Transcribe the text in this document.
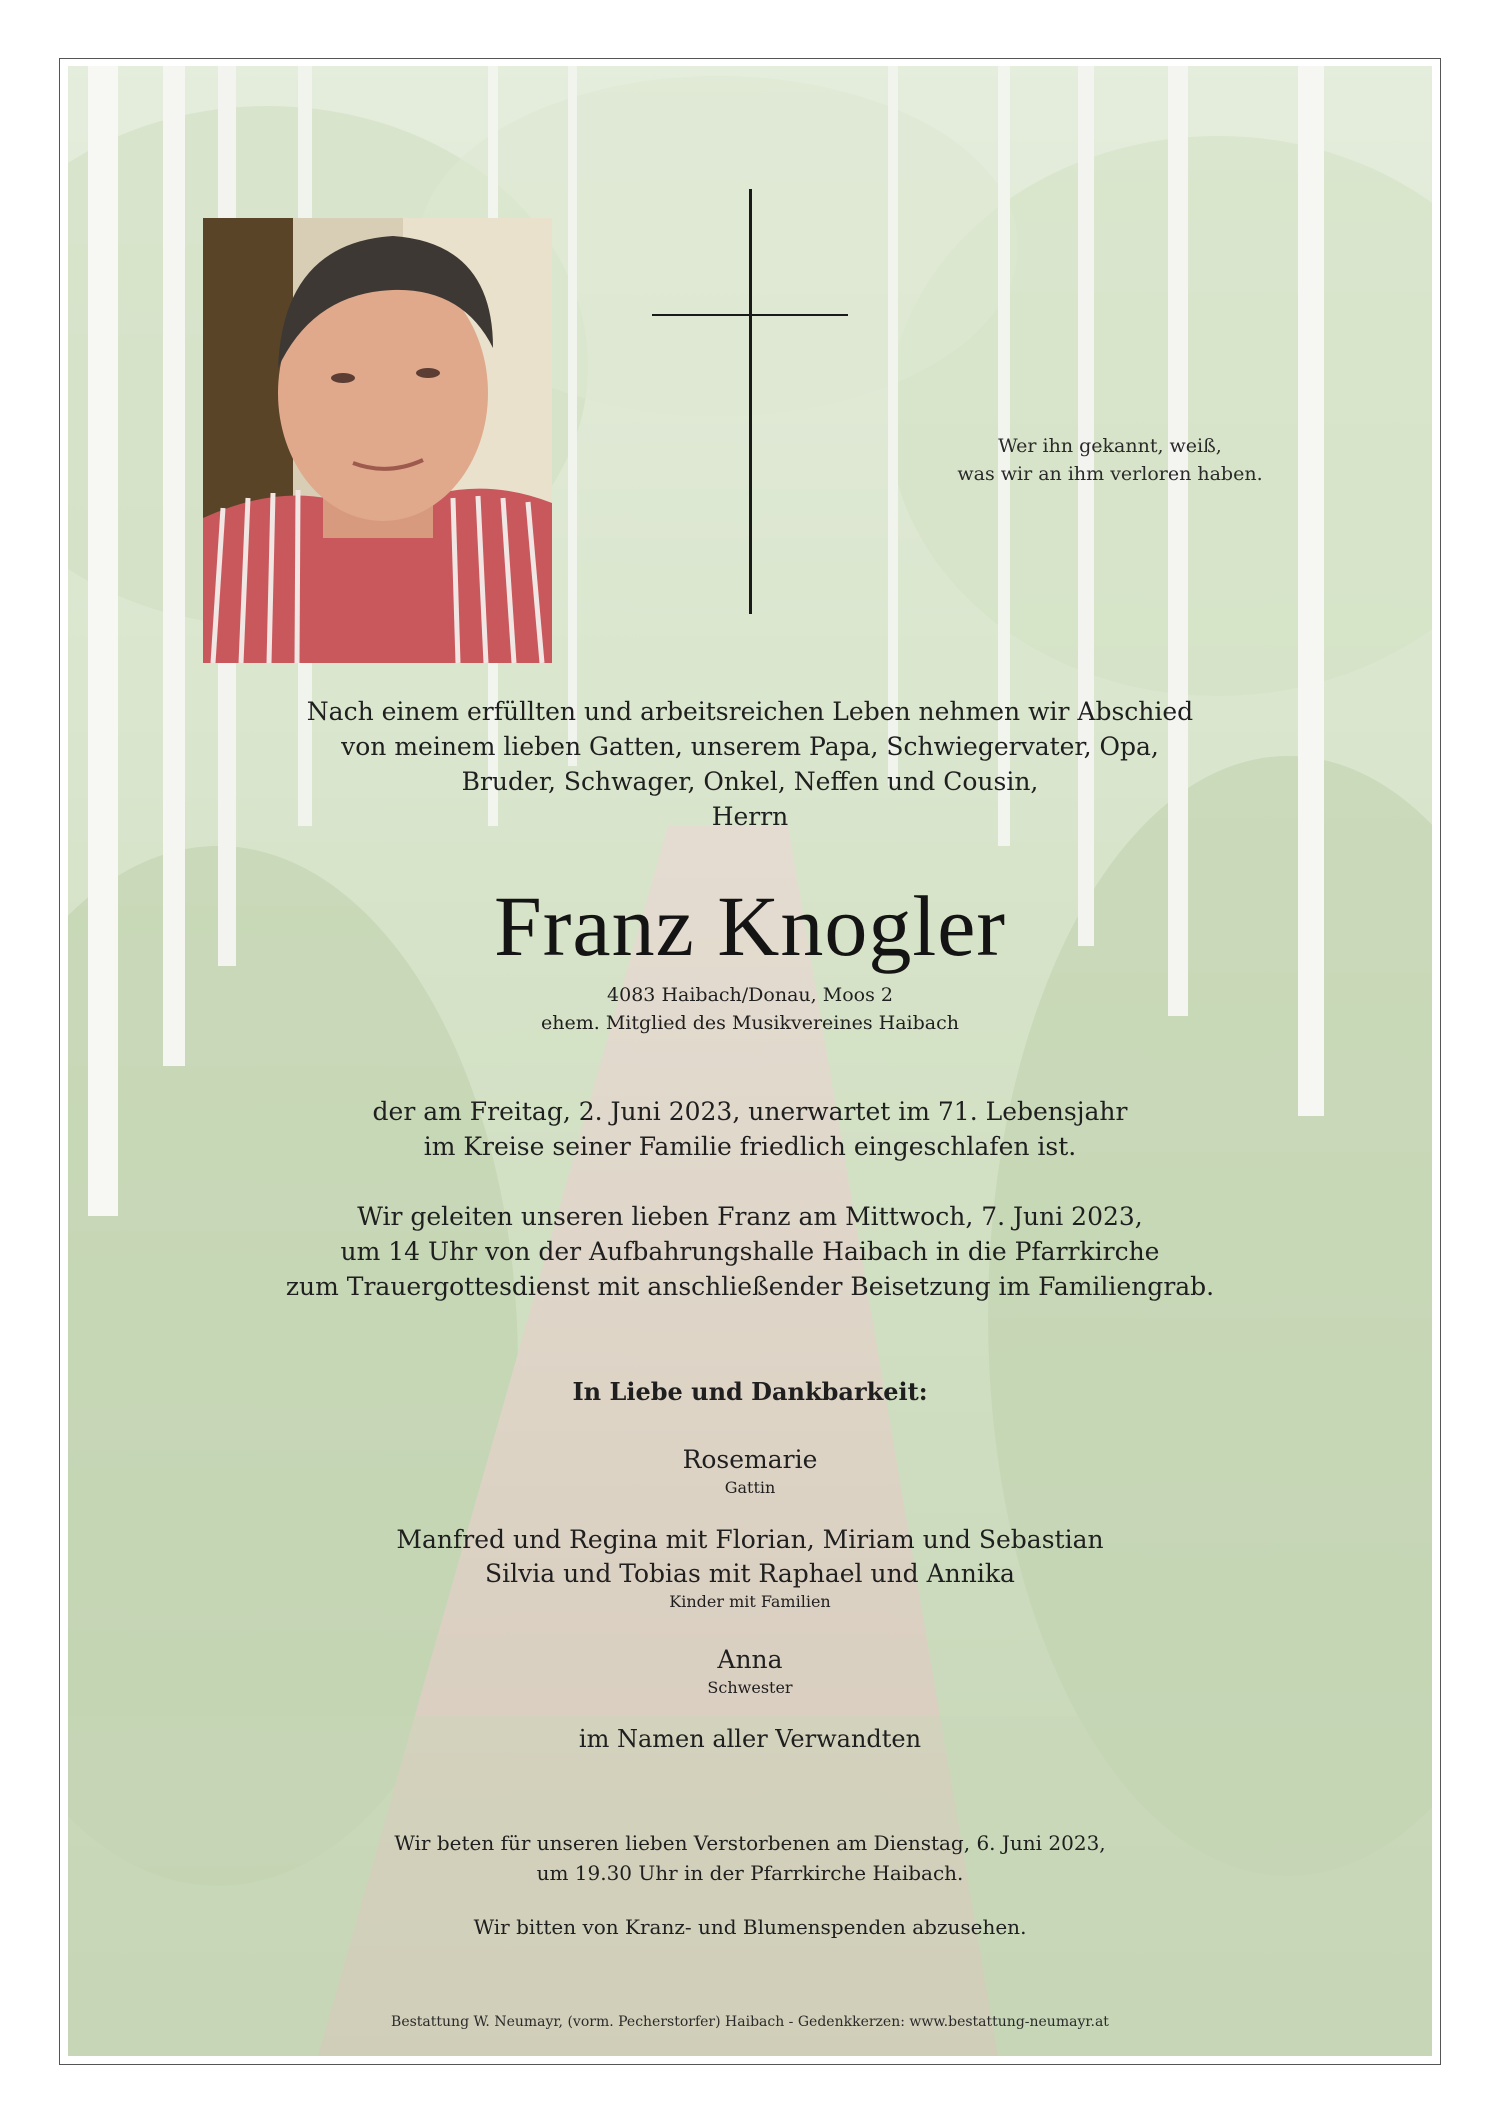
Wer ihn gekannt, weiß,
was wir an ihm verloren haben.
Nach einem erfüllten und arbeitsreichen Leben nehmen wir Abschied
von meinem lieben Gatten, unserem Papa, Schwiegervater, Opa,
Bruder, Schwager, Onkel, Neffen und Cousin,
Herrn
Franz Knogler
4083 Haibach/Donau, Moos 2
ehem. Mitglied des Musikvereines Haibach
der am Freitag, 2. Juni 2023, unerwartet im 71. Lebensjahr
im Kreise seiner Familie friedlich eingeschlafen ist.
Wir geleiten unseren lieben Franz am Mittwoch, 7. Juni 2023,
um 14 Uhr von der Aufbahrungshalle Haibach in die Pfarrkirche
zum Trauergottesdienst mit anschließender Beisetzung im Familiengrab.
In Liebe und Dankbarkeit:
Rosemarie
Gattin
Manfred und Regina mit Florian, Miriam und Sebastian
Silvia und Tobias mit Raphael und Annika
Kinder mit Familien
Anna
Schwester
im Namen aller Verwandten
Wir beten für unseren lieben Verstorbenen am Dienstag, 6. Juni 2023,
um 19.30 Uhr in der Pfarrkirche Haibach.
Wir bitten von Kranz- und Blumenspenden abzusehen.
Bestattung W. Neumayr, (vorm. Pecherstorfer) Haibach - Gedenkkerzen: www.bestattung-neumayr.at
